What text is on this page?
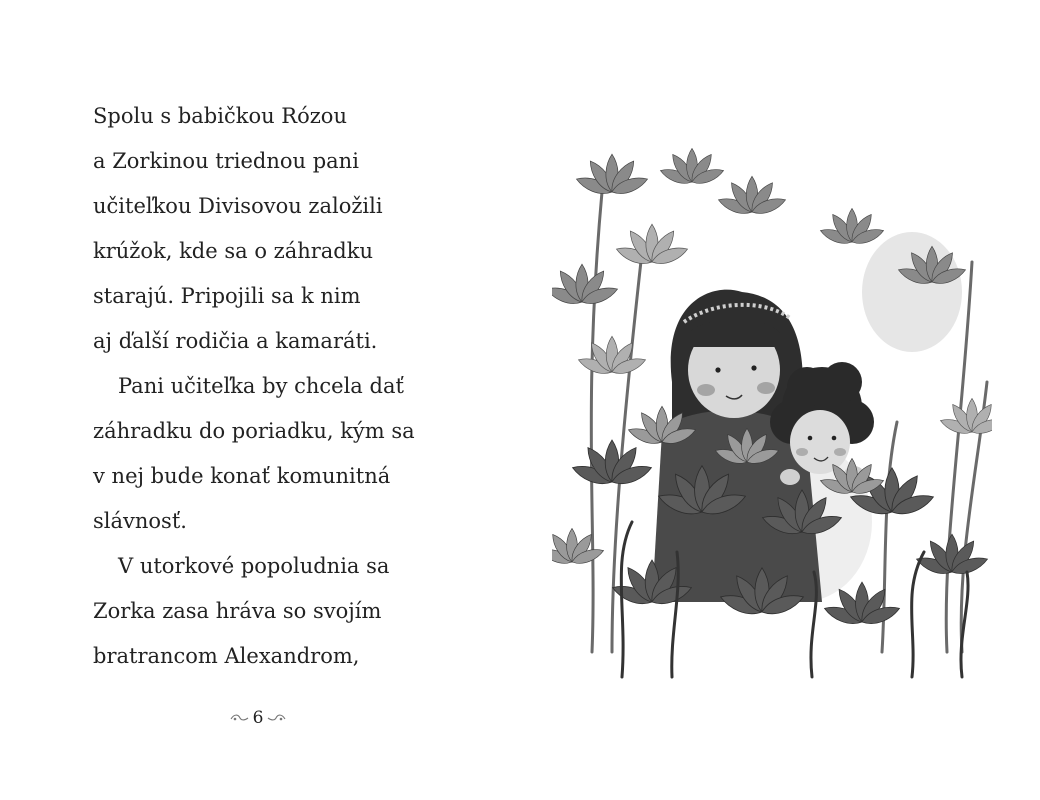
Spolu s babičkou Rózou
a Zorkinou triednou pani
učiteľkou Divisovou založili
krúžok, kde sa o záhradku
starajú. Pripojili sa k nim
aj ďalší rodičia a kamaráti.
Pani učiteľka by chcela dať
záhradku do poriadku, kým sa
v nej bude konať komunitná
slávnosť.
V utorkové popoludnia sa
Zorka zasa hráva so svojím
bratrancom Alexandrom,
6
